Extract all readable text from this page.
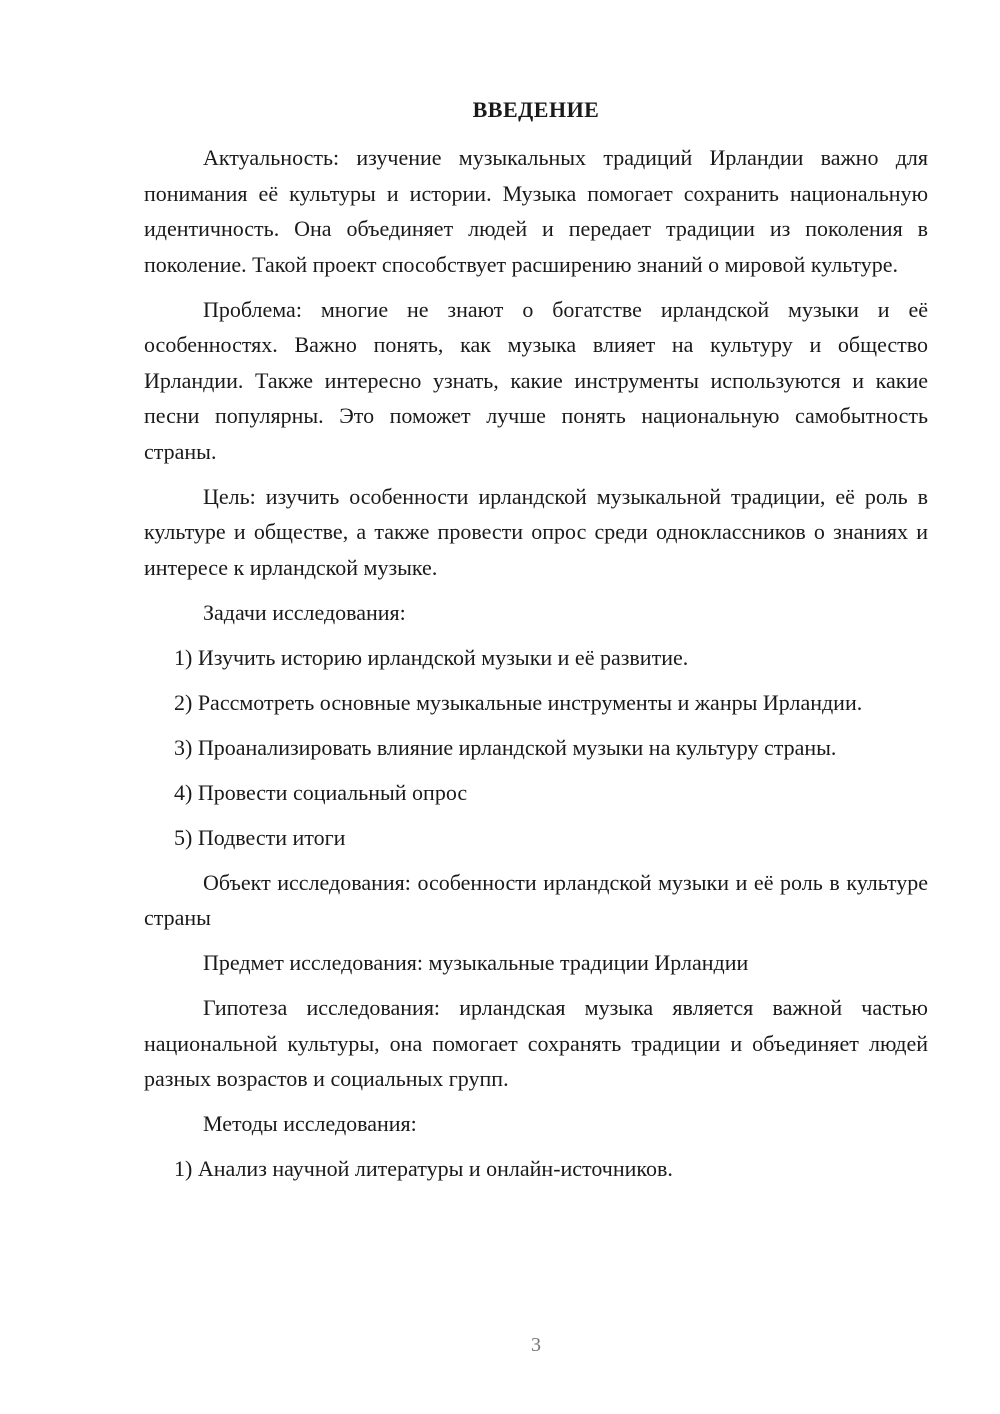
ВВЕДЕНИЕ

Актуальность: изучение музыкальных традиций Ирландии важно для понимания её культуры и истории. Музыка помогает сохранить национальную идентичность. Она объединяет людей и передает традиции из поколения в поколение. Такой проект способствует расширению знаний о мировой культуре.

Проблема: многие не знают о богатстве ирландской музыки и её особенностях. Важно понять, как музыка влияет на культуру и общество Ирландии. Также интересно узнать, какие инструменты используются и какие песни популярны. Это поможет лучше понять национальную самобытность страны.

Цель: изучить особенности ирландской музыкальной традиции, её роль в культуре и обществе, а также провести опрос среди одноклассников о знаниях и интересе к ирландской музыке.

Задачи исследования:

1) Изучить историю ирландской музыки и её развитие.

2) Рассмотреть основные музыкальные инструменты и жанры Ирландии.

3) Проанализировать влияние ирландской музыки на культуру страны.

4) Провести социальный опрос

5) Подвести итоги

Объект исследования: особенности ирландской музыки и её роль в культуре страны

Предмет исследования: музыкальные традиции Ирландии

Гипотеза исследования: ирландская музыка является важной частью национальной культуры, она помогает сохранять традиции и объединяет людей разных возрастов и социальных групп.

Методы исследования:

1) Анализ научной литературы и онлайн-источников.

3
